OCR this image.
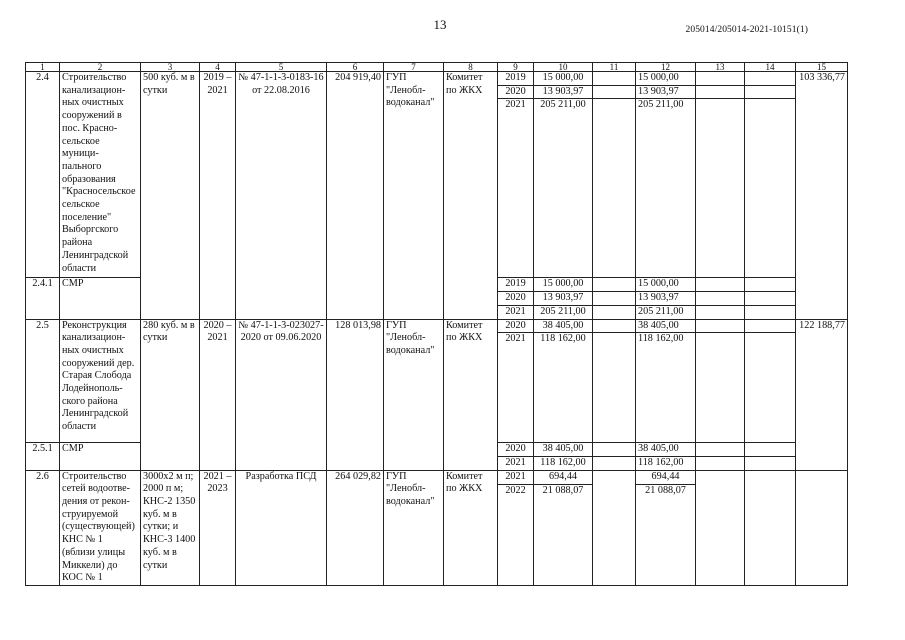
13	205014/205014-2021-10151(1)
1	2	3	4	5	6	7	8	9	10	11	12	13	14	15
2.4	Строительство канализацион-ных очистных сооружений в пос. Красно-сельское муници-пального образования "Красносельское сельское поселение" Выборгского района Ленинградской области	500 куб. м в сутки	2019 – 2021	№ 47-1-1-3-0183-16 от 22.08.2016	204 919,40	ГУП "Ленобл-водоканал"	Комитет по ЖКХ	2019	15 000,00		15 000,00			103 336,77
								2020	13 903,97		13 903,97			
								2021	205 211,00		205 211,00			
2.4.1	СМР							2019	15 000,00		15 000,00			
								2020	13 903,97		13 903,97			
								2021	205 211,00		205 211,00			
2.5	Реконструкция канализацион-ных очистных сооружений дер. Старая Слобода Лодейнополь-ского района Ленинградской области	280 куб. м в сутки	2020 – 2021	№ 47-1-1-3-023027-2020 от 09.06.2020	128 013,98	ГУП "Ленобл-водоканал"	Комитет по ЖКХ	2020	38 405,00		38 405,00			122 188,77
								2021	118 162,00		118 162,00			
2.5.1	СМР							2020	38 405,00		38 405,00			
								2021	118 162,00		118 162,00			
2.6	Строительство сетей водоотве-дения от рекон-струируемой (существующей) КНС № 1 (вблизи улицы Миккели) до КОС № 1	3000х2 м п; 2000 п м; КНС-2 1350 куб. м в сутки; и КНС-3 1400 куб. м в сутки	2021 – 2023	Разработка ПСД	264 029,82	ГУП "Ленобл-водоканал"	Комитет по ЖКХ	2021	694,44		694,44			
								2022	21 088,07		21 088,07			
